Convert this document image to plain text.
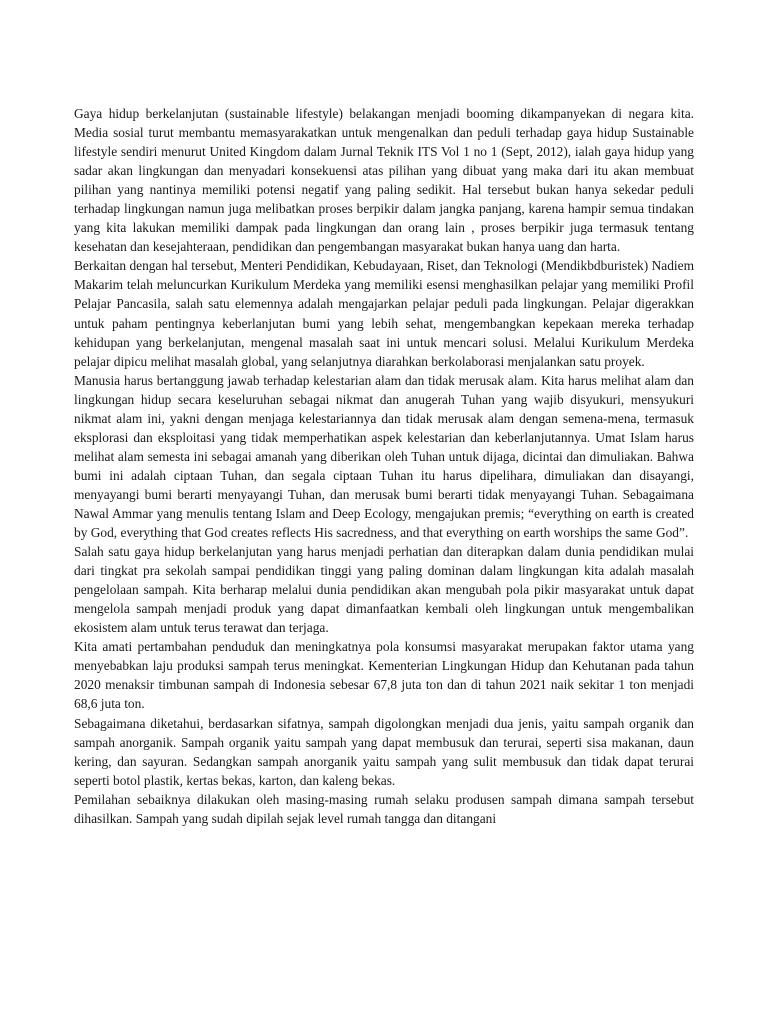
Gaya hidup berkelanjutan (sustainable lifestyle) belakangan menjadi booming dikampanyekan di negara kita. Media sosial turut membantu memasyarakatkan untuk mengenalkan dan peduli terhadap gaya hidup Sustainable lifestyle sendiri menurut United Kingdom dalam Jurnal Teknik ITS Vol 1 no 1 (Sept, 2012), ialah gaya hidup yang sadar akan lingkungan dan menyadari konsekuensi atas pilihan yang dibuat yang maka dari itu akan membuat pilihan yang nantinya memiliki potensi negatif yang paling sedikit. Hal tersebut bukan hanya sekedar peduli terhadap lingkungan namun juga melibatkan proses berpikir dalam jangka panjang, karena hampir semua tindakan yang kita lakukan memiliki dampak pada lingkungan dan orang lain , proses berpikir juga termasuk tentang kesehatan dan kesejahteraan, pendidikan dan pengembangan masyarakat bukan hanya uang dan harta.

Berkaitan dengan hal tersebut, Menteri Pendidikan, Kebudayaan, Riset, dan Teknologi (Mendikbdburistek) Nadiem Makarim telah meluncurkan Kurikulum Merdeka yang memiliki esensi menghasilkan pelajar yang memiliki Profil Pelajar Pancasila, salah satu elemennya adalah mengajarkan pelajar peduli pada lingkungan. Pelajar digerakkan untuk paham pentingnya keberlanjutan bumi yang lebih sehat, mengembangkan kepekaan mereka terhadap kehidupan yang berkelanjutan, mengenal masalah saat ini untuk mencari solusi. Melalui Kurikulum Merdeka pelajar dipicu melihat masalah global, yang selanjutnya diarahkan berkolaborasi menjalankan satu proyek.

Manusia harus bertanggung jawab terhadap kelestarian alam dan tidak merusak alam. Kita harus melihat alam dan lingkungan hidup secara keseluruhan sebagai nikmat dan anugerah Tuhan yang wajib disyukuri, mensyukuri nikmat alam ini, yakni dengan menjaga kelestariannya dan tidak merusak alam dengan semena-mena, termasuk eksplorasi dan eksploitasi yang tidak memperhatikan aspek kelestarian dan keberlanjutannya. Umat Islam harus melihat alam semesta ini sebagai amanah yang diberikan oleh Tuhan untuk dijaga, dicintai dan dimuliakan. Bahwa bumi ini adalah ciptaan Tuhan, dan segala ciptaan Tuhan itu harus dipelihara, dimuliakan dan disayangi, menyayangi bumi berarti menyayangi Tuhan, dan merusak bumi berarti tidak menyayangi Tuhan. Sebagaimana Nawal Ammar yang menulis tentang Islam and Deep Ecology, mengajukan premis; “everything on earth is created by God, everything that God creates reflects His sacredness, and that everything on earth worships the same God”.

Salah satu gaya hidup berkelanjutan yang harus menjadi perhatian dan diterapkan dalam dunia pendidikan mulai dari tingkat pra sekolah sampai pendidikan tinggi yang paling dominan dalam lingkungan kita adalah masalah pengelolaan sampah. Kita berharap melalui dunia pendidikan akan mengubah pola pikir masyarakat untuk dapat mengelola sampah menjadi produk yang dapat dimanfaatkan kembali oleh lingkungan untuk mengembalikan ekosistem alam untuk terus terawat dan terjaga.

Kita amati pertambahan penduduk dan meningkatnya pola konsumsi masyarakat merupakan faktor utama yang menyebabkan laju produksi sampah terus meningkat. Kementerian Lingkungan Hidup dan Kehutanan pada tahun 2020 menaksir timbunan sampah di Indonesia sebesar 67,8 juta ton dan di tahun 2021 naik sekitar 1 ton menjadi 68,6 juta ton.

Sebagaimana diketahui, berdasarkan sifatnya, sampah digolongkan menjadi dua jenis, yaitu sampah organik dan sampah anorganik. Sampah organik yaitu sampah yang dapat membusuk dan terurai, seperti sisa makanan, daun kering, dan sayuran. Sedangkan sampah anorganik yaitu sampah yang sulit membusuk dan tidak dapat terurai seperti botol plastik, kertas bekas, karton, dan kaleng bekas.

Pemilahan sebaiknya dilakukan oleh masing-masing rumah selaku produsen sampah dimana sampah tersebut dihasilkan. Sampah yang sudah dipilah sejak level rumah tangga dan ditangani
